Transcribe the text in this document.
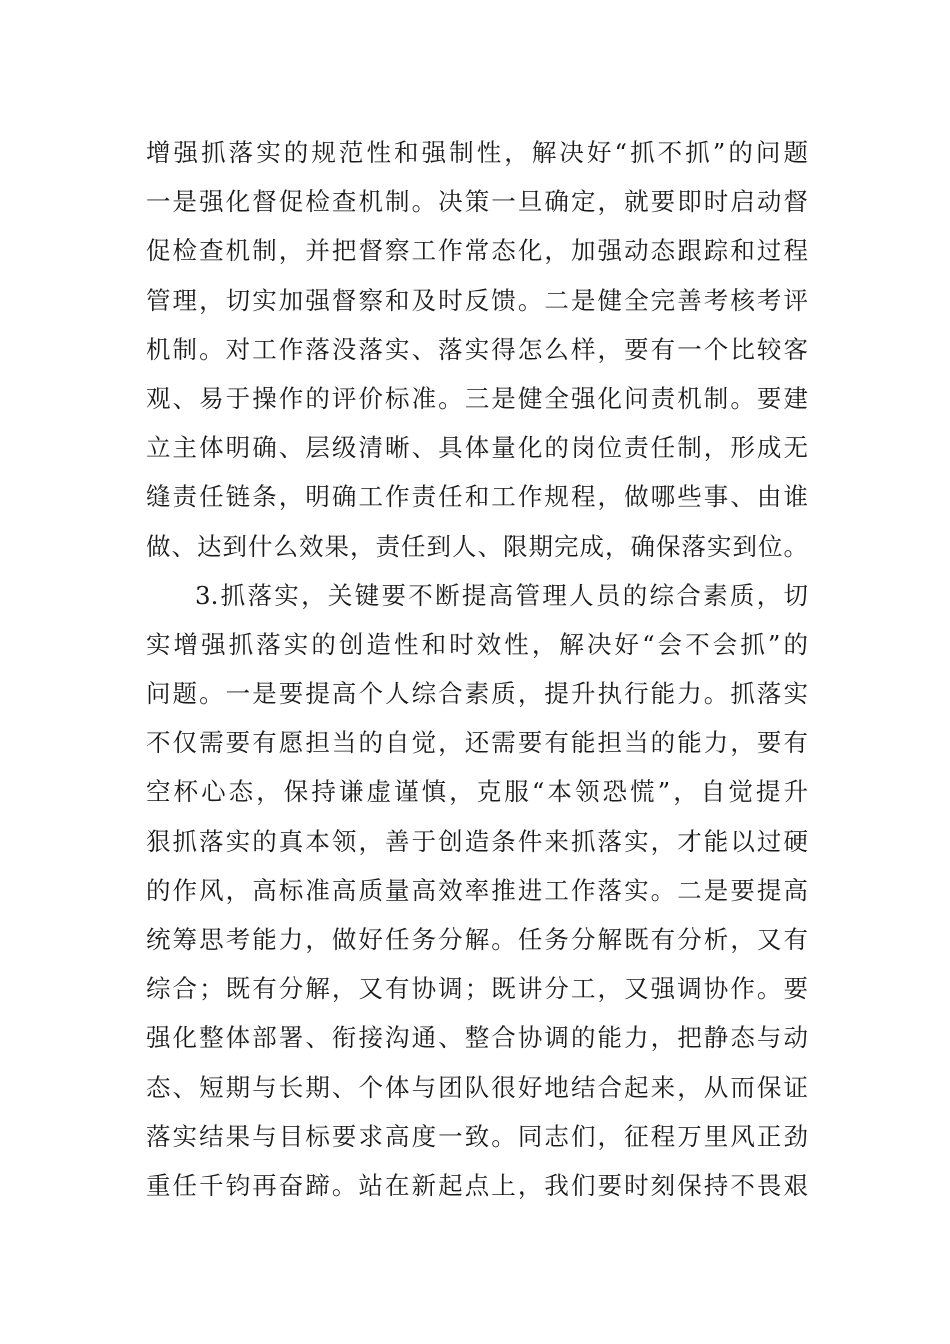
增强抓落实的规范性和强制性，解决好“抓不抓”的问题
一是强化督促检查机制。决策一旦确定，就要即时启动督
促检查机制，并把督察工作常态化，加强动态跟踪和过程
管理，切实加强督察和及时反馈。二是健全完善考核考评
机制。对工作落没落实、落实得怎么样，要有一个比较客
观、易于操作的评价标准。三是健全强化问责机制。要建
立主体明确、层级清晰、具体量化的岗位责任制，形成无
缝责任链条，明确工作责任和工作规程，做哪些事、由谁
做、达到什么效果，责任到人、限期完成，确保落实到位。
3.抓落实，关键要不断提高管理人员的综合素质，切
实增强抓落实的创造性和时效性，解决好“会不会抓”的
问题。一是要提高个人综合素质，提升执行能力。抓落实
不仅需要有愿担当的自觉，还需要有能担当的能力，要有
空杯心态，保持谦虚谨慎，克服“本领恐慌”，自觉提升
狠抓落实的真本领，善于创造条件来抓落实，才能以过硬
的作风，高标准高质量高效率推进工作落实。二是要提高
统筹思考能力，做好任务分解。任务分解既有分析，又有
综合；既有分解，又有协调；既讲分工，又强调协作。要
强化整体部署、衔接沟通、整合协调的能力，把静态与动
态、短期与长期、个体与团队很好地结合起来，从而保证
落实结果与目标要求高度一致。同志们，征程万里风正劲
重任千钧再奋蹄。站在新起点上，我们要时刻保持不畏艰
